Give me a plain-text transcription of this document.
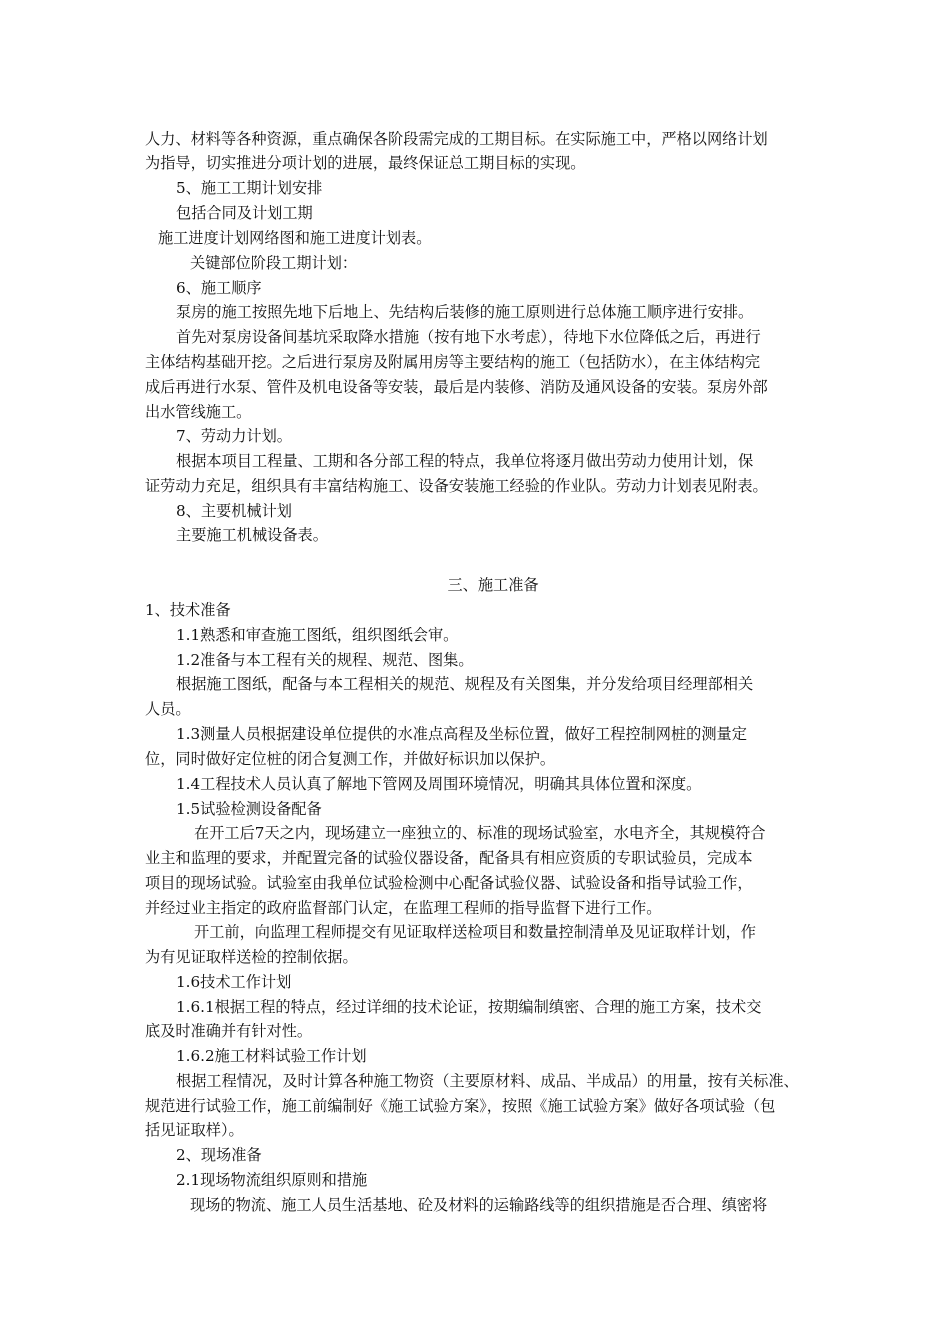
人力、材料等各种资源，重点确保各阶段需完成的工期目标。在实际施工中，严格以网络计划
为指导，切实推进分项计划的进展，最终保证总工期目标的实现。
5、施工工期计划安排
包括合同及计划工期
施工进度计划网络图和施工进度计划表。
关键部位阶段工期计划：
6、施工顺序
泵房的施工按照先地下后地上、先结构后装修的施工原则进行总体施工顺序进行安排。
首先对泵房设备间基坑采取降水措施（按有地下水考虑），待地下水位降低之后，再进行
主体结构基础开挖。之后进行泵房及附属用房等主要结构的施工（包括防水），在主体结构完
成后再进行水泵、管件及机电设备等安装，最后是内装修、消防及通风设备的安装。泵房外部
出水管线施工。
7、劳动力计划。
根据本项目工程量、工期和各分部工程的特点，我单位将逐月做出劳动力使用计划，保
证劳动力充足，组织具有丰富结构施工、设备安装施工经验的作业队。劳动力计划表见附表。
8、主要机械计划
主要施工机械设备表。
三、施工准备
1、技术准备
1.1熟悉和审查施工图纸，组织图纸会审。
1.2准备与本工程有关的规程、规范、图集。
根据施工图纸，配备与本工程相关的规范、规程及有关图集，并分发给项目经理部相关
人员。
1.3测量人员根据建设单位提供的水准点高程及坐标位置，做好工程控制网桩的测量定
位，同时做好定位桩的闭合复测工作，并做好标识加以保护。
1.4工程技术人员认真了解地下管网及周围环境情况，明确其具体位置和深度。
1.5试验检测设备配备
在开工后7天之内，现场建立一座独立的、标准的现场试验室，水电齐全，其规模符合
业主和监理的要求，并配置完备的试验仪器设备，配备具有相应资质的专职试验员，完成本
项目的现场试验。试验室由我单位试验检测中心配备试验仪器、试验设备和指导试验工作，
并经过业主指定的政府监督部门认定，在监理工程师的指导监督下进行工作。
开工前，向监理工程师提交有见证取样送检项目和数量控制清单及见证取样计划，作
为有见证取样送检的控制依据。
1.6技术工作计划
1.6.1根据工程的特点，经过详细的技术论证，按期编制缜密、合理的施工方案，技术交
底及时准确并有针对性。
1.6.2施工材料试验工作计划
根据工程情况，及时计算各种施工物资（主要原材料、成品、半成品）的用量，按有关标准、
规范进行试验工作，施工前编制好《施工试验方案》，按照《施工试验方案》做好各项试验（包
括见证取样）。
2、现场准备
2.1现场物流组织原则和措施
现场的物流、施工人员生活基地、砼及材料的运输路线等的组织措施是否合理、缜密将
